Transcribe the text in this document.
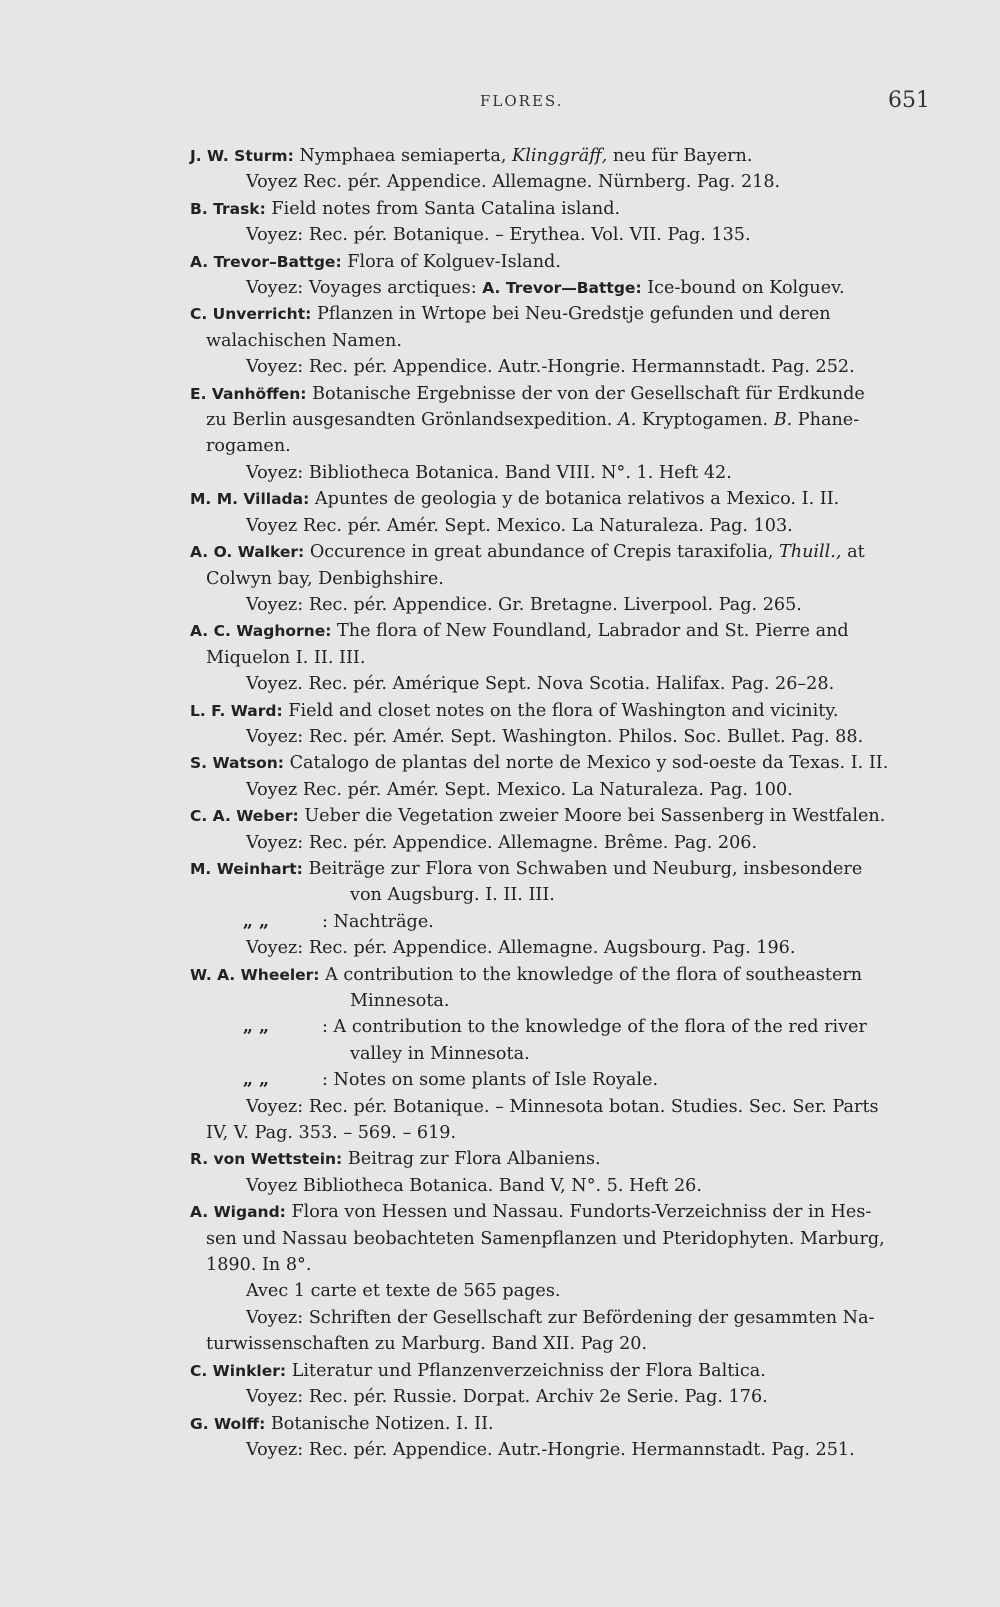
FLORES.	651
J. W. Sturm: Nymphaea semiaperta, Klinggräff, neu für Bayern.
Voyez Rec. pér. Appendice. Allemagne. Nürnberg. Pag. 218.
B. Trask: Field notes from Santa Catalina island.
Voyez: Rec. pér. Botanique. – Erythea. Vol. VII. Pag. 135.
A. Trevor–Battge: Flora of Kolguev-Island.
Voyez: Voyages arctiques: A. Trevor—Battge: Ice-bound on Kolguev.
C. Unverricht: Pflanzen in Wrtope bei Neu-Gredstje gefunden und deren
walachischen Namen.
Voyez: Rec. pér. Appendice. Autr.-Hongrie. Hermannstadt. Pag. 252.
E. Vanhöffen: Botanische Ergebnisse der von der Gesellschaft für Erdkunde
zu Berlin ausgesandten Grönlandsexpedition. A. Kryptogamen. B. Phane-
rogamen.
Voyez: Bibliotheca Botanica. Band VIII. N°. 1. Heft 42.
M. M. Villada: Apuntes de geologia y de botanica relativos a Mexico. I. II.
Voyez Rec. pér. Amér. Sept. Mexico. La Naturaleza. Pag. 103.
A. O. Walker: Occurence in great abundance of Crepis taraxifolia, Thuill., at
Colwyn bay, Denbighshire.
Voyez: Rec. pér. Appendice. Gr. Bretagne. Liverpool. Pag. 265.
A. C. Waghorne: The flora of New Foundland, Labrador and St. Pierre and
Miquelon I. II. III.
Voyez. Rec. pér. Amérique Sept. Nova Scotia. Halifax. Pag. 26–28.
L. F. Ward: Field and closet notes on the flora of Washington and vicinity.
Voyez: Rec. pér. Amér. Sept. Washington. Philos. Soc. Bullet. Pag. 88.
S. Watson: Catalogo de plantas del norte de Mexico y sod-oeste da Texas. I. II.
Voyez Rec. pér. Amér. Sept. Mexico. La Naturaleza. Pag. 100.
C. A. Weber: Ueber die Vegetation zweier Moore bei Sassenberg in Westfalen.
Voyez: Rec. pér. Appendice. Allemagne. Brême. Pag. 206.
M. Weinhart: Beiträge zur Flora von Schwaben und Neuburg, insbesondere
von Augsburg. I. II. III.
„ „	: Nachträge.
Voyez: Rec. pér. Appendice. Allemagne. Augsbourg. Pag. 196.
W. A. Wheeler: A contribution to the knowledge of the flora of southeastern
Minnesota.
„ „	: A contribution to the knowledge of the flora of the red river
valley in Minnesota.
„ „	: Notes on some plants of Isle Royale.
Voyez: Rec. pér. Botanique. – Minnesota botan. Studies. Sec. Ser. Parts
IV, V. Pag. 353. – 569. – 619.
R. von Wettstein: Beitrag zur Flora Albaniens.
Voyez Bibliotheca Botanica. Band V, N°. 5. Heft 26.
A. Wigand: Flora von Hessen und Nassau. Fundorts-Verzeichniss der in Hes-
sen und Nassau beobachteten Samenpflanzen und Pteridophyten. Marburg,
1890. In 8°.
Avec 1 carte et texte de 565 pages.
Voyez: Schriften der Gesellschaft zur Befördening der gesammten Na-
turwissenschaften zu Marburg. Band XII. Pag 20.
C. Winkler: Literatur und Pflanzenverzeichniss der Flora Baltica.
Voyez: Rec. pér. Russie. Dorpat. Archiv 2e Serie. Pag. 176.
G. Wolff: Botanische Notizen. I. II.
Voyez: Rec. pér. Appendice. Autr.-Hongrie. Hermannstadt. Pag. 251.
